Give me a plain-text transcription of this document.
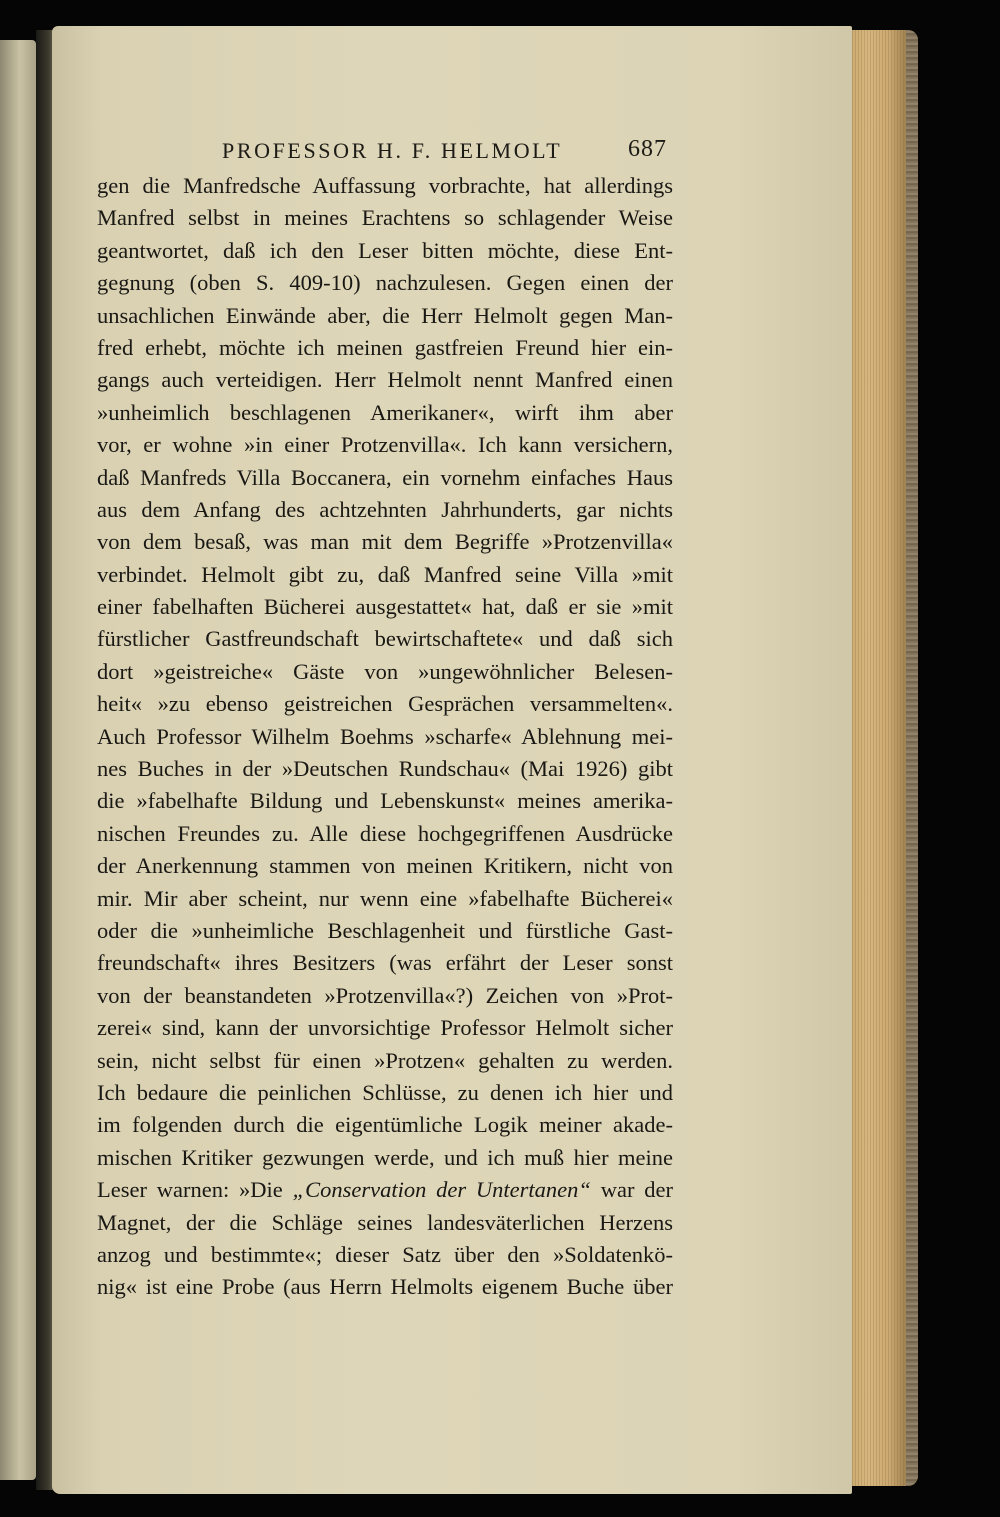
PROFESSOR H. F. HELMOLT	687
gen die Manfredsche Auffassung vorbrachte, hat allerdings
Manfred selbst in meines Erachtens so schlagender Weise
geantwortet, daß ich den Leser bitten möchte, diese Ent-
gegnung (oben S. 409-10) nachzulesen. Gegen einen der
unsachlichen Einwände aber, die Herr Helmolt gegen Man-
fred erhebt, möchte ich meinen gastfreien Freund hier ein-
gangs auch verteidigen. Herr Helmolt nennt Manfred einen
»unheimlich beschlagenen Amerikaner«, wirft ihm aber
vor, er wohne »in einer Protzenvilla«. Ich kann versichern,
daß Manfreds Villa Boccanera, ein vornehm einfaches Haus
aus dem Anfang des achtzehnten Jahrhunderts, gar nichts
von dem besaß, was man mit dem Begriffe »Protzenvilla«
verbindet. Helmolt gibt zu, daß Manfred seine Villa »mit
einer fabelhaften Bücherei ausgestattet« hat, daß er sie »mit
fürstlicher Gastfreundschaft bewirtschaftete« und daß sich
dort »geistreiche« Gäste von »ungewöhnlicher Belesen-
heit« »zu ebenso geistreichen Gesprächen versammelten«.
Auch Professor Wilhelm Boehms »scharfe« Ablehnung mei-
nes Buches in der »Deutschen Rundschau« (Mai 1926) gibt
die »fabelhafte Bildung und Lebenskunst« meines amerika-
nischen Freundes zu. Alle diese hochgegriffenen Ausdrücke
der Anerkennung stammen von meinen Kritikern, nicht von
mir. Mir aber scheint, nur wenn eine »fabelhafte Bücherei«
oder die »unheimliche Beschlagenheit und fürstliche Gast-
freundschaft« ihres Besitzers (was erfährt der Leser sonst
von der beanstandeten »Protzenvilla«?) Zeichen von »Prot-
zerei« sind, kann der unvorsichtige Professor Helmolt sicher
sein, nicht selbst für einen »Protzen« gehalten zu werden.
Ich bedaure die peinlichen Schlüsse, zu denen ich hier und
im folgenden durch die eigentümliche Logik meiner akade-
mischen Kritiker gezwungen werde, und ich muß hier meine
Leser warnen: »Die „Conservation der Untertanen“ war der
Magnet, der die Schläge seines landesväterlichen Herzens
anzog und bestimmte«; dieser Satz über den »Soldatenkö-
nig« ist eine Probe (aus Herrn Helmolts eigenem Buche über
